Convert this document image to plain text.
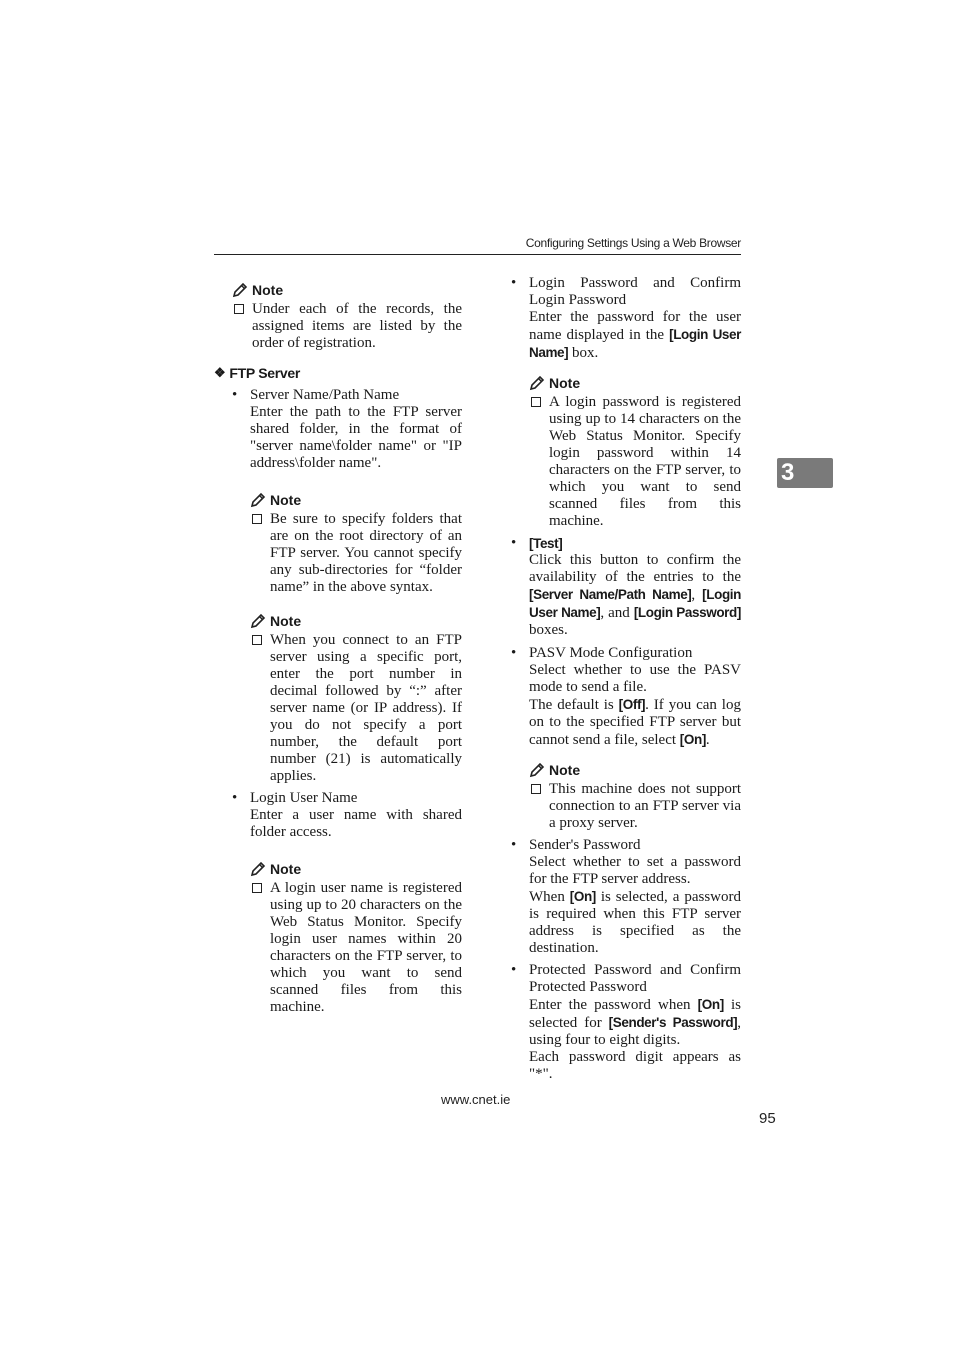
Configuring Settings Using a Web Browser
Note
Under each of the records, the assigned items are listed by the order of registration.
❖ FTP Server
• Server Name/Path Name

Enter the path to the FTP server shared folder, in the format of "server name\folder name" or "IP address\folder name".

Note
Be sure to specify folders that are on the root directory of an FTP server. You cannot specify any sub-directories for “folder name” in the above syntax.
Note
When you connect to an FTP server using a specific port, enter the port number in decimal followed by “:” after server name (or IP address). If you do not specify a port number, the default port number (21) is automatically applies.
• Login User Name

Enter a user name with shared folder access.

Note
A login user name is registered using up to 20 characters on the Web Status Monitor. Specify login user names within 20 characters on the FTP server, to which you want to send scanned files from this machine.
• Login Password and Confirm Login Password

Enter the password for the user name displayed in the [Login User Name] box.

Note
A login password is registered using up to 14 characters on the Web Status Monitor. Specify login password within 14 characters on the FTP server, to which you want to send scanned files from this machine.
• [Test]

Click this button to confirm the availability of the entries to the [Server Name/Path Name], [Login User Name], and [Login Password] boxes.

• PASV Mode Configuration

Select whether to use the PASV mode to send a file.

The default is [Off]. If you can log on to the specified FTP server but cannot send a file, select [On].

Note
This machine does not support connection to an FTP server via a proxy server.
• Sender's Password

Select whether to set a password for the FTP server address.

When [On] is selected, a password is required when this FTP server address is specified as the destination.

• Protected Password and Confirm Protected Password

Enter the password when [On] is selected for [Sender's Password], using four to eight digits.

Each password digit appears as "*".

3
www.cnet.ie
95
